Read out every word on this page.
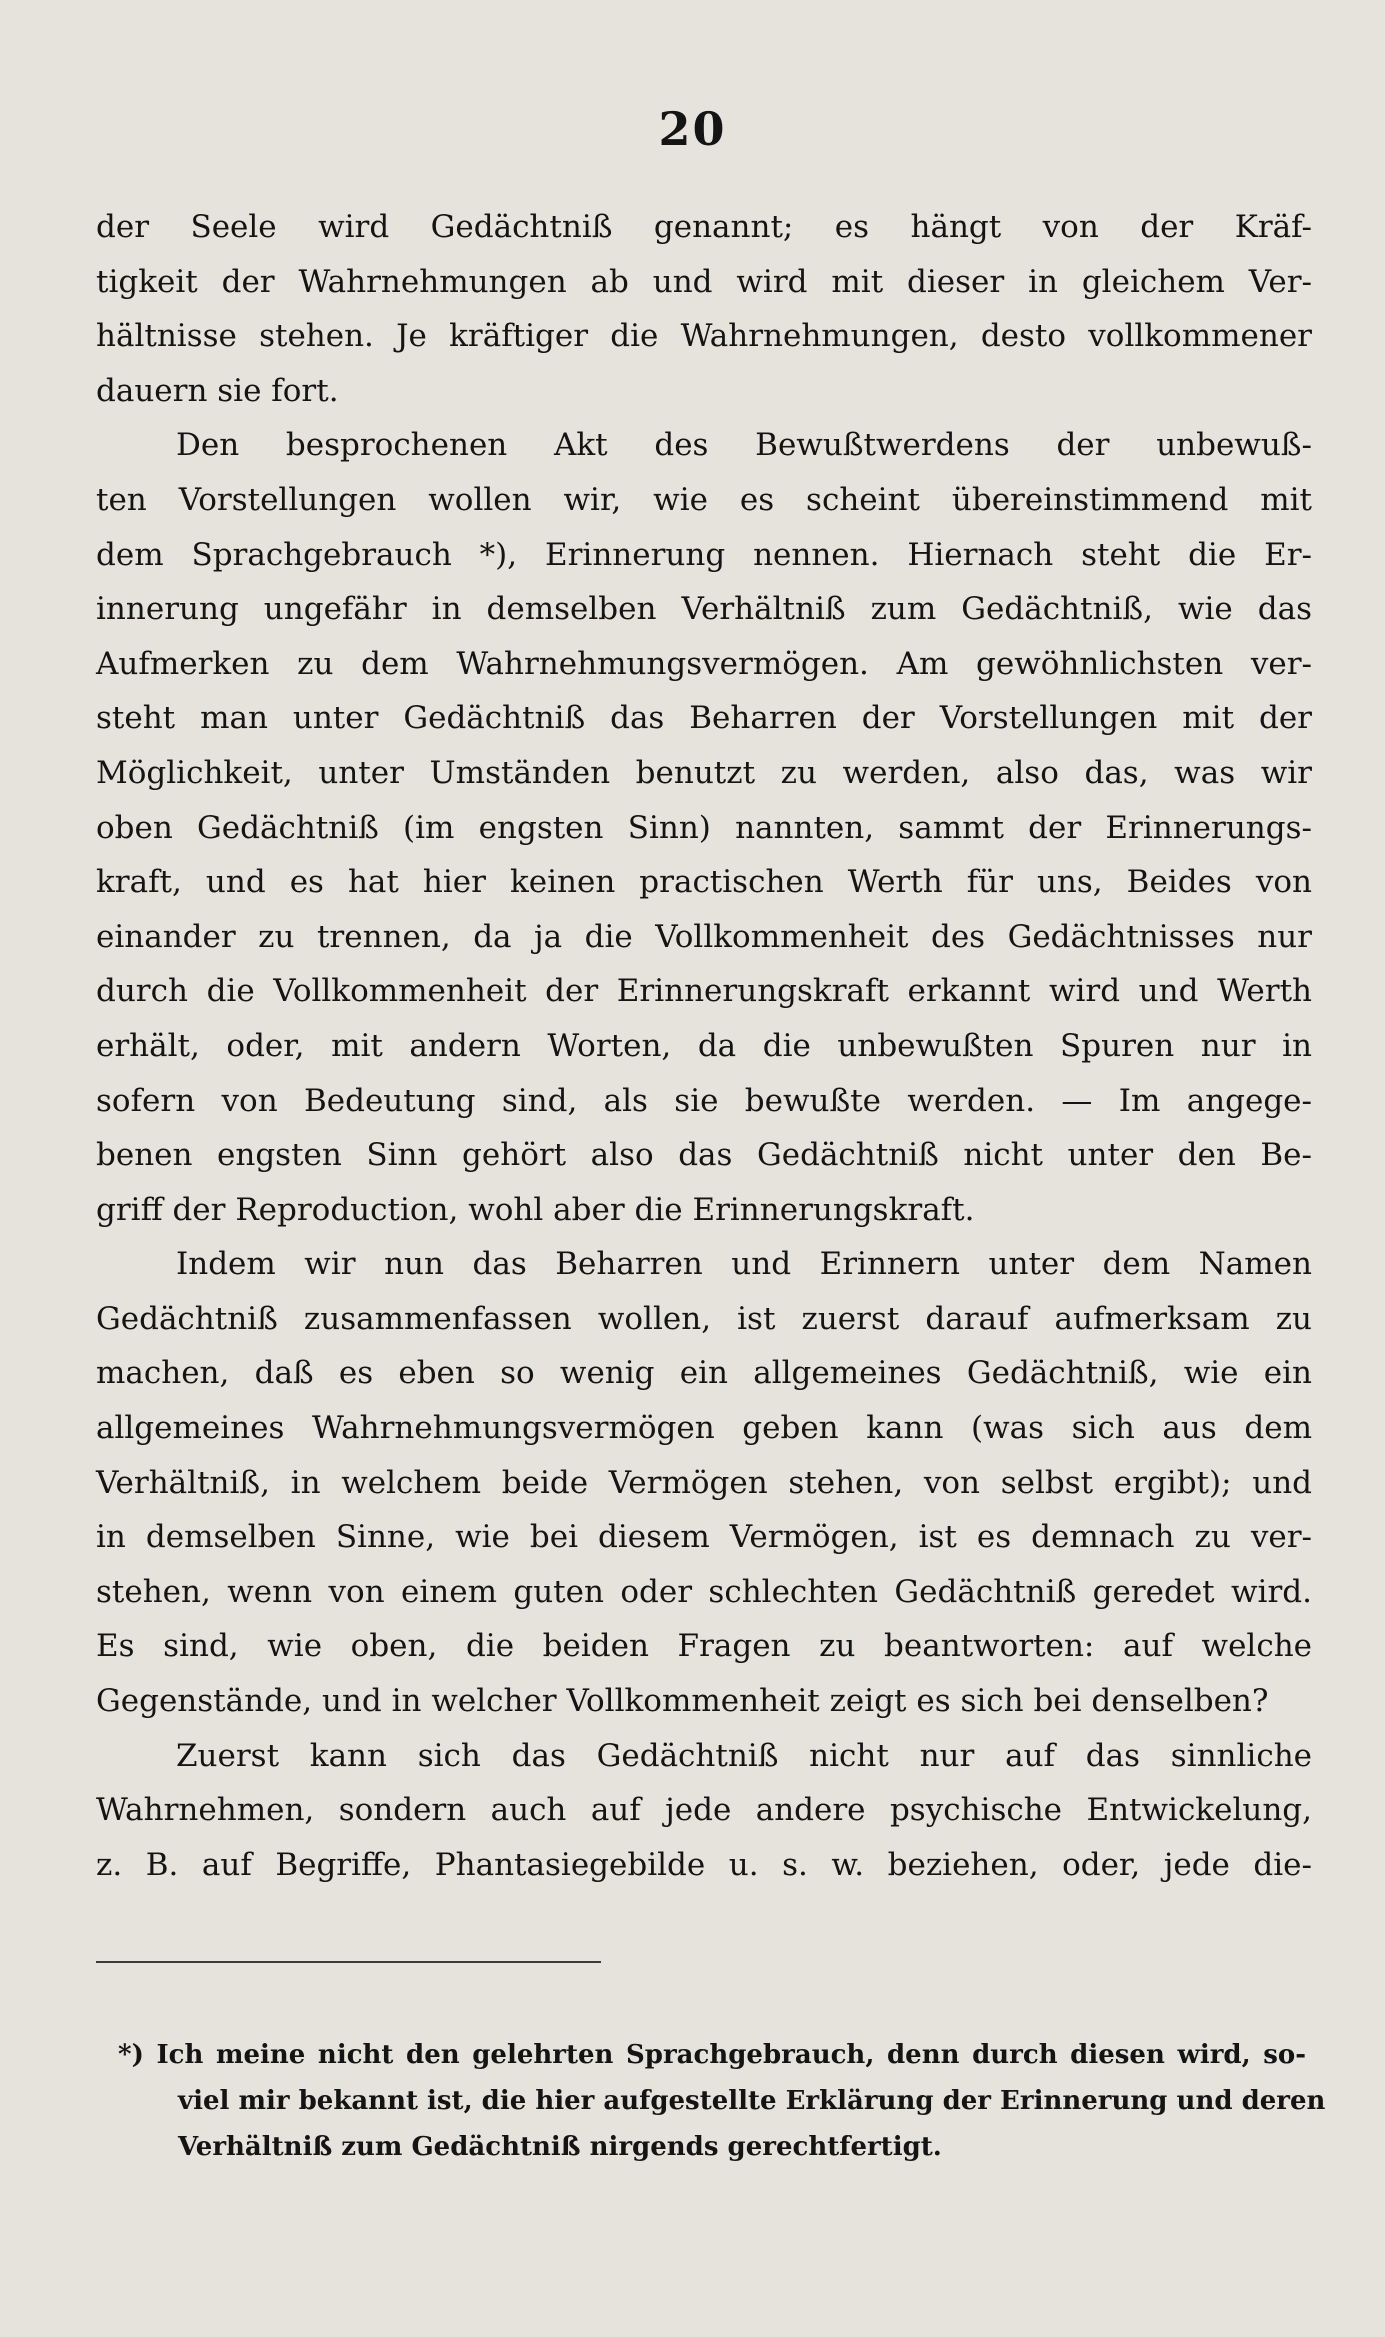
20
der Seele wird Gedächtniß genannt; es hängt von der Kräf-
tigkeit der Wahrnehmungen ab und wird mit dieser in gleichem Ver-
hältnisse stehen. Je kräftiger die Wahrnehmungen, desto vollkommener
dauern sie fort.
Den besprochenen Akt des Bewußtwerdens der unbewuß-
ten Vorstellungen wollen wir, wie es scheint übereinstimmend mit
dem Sprachgebrauch *), Erinnerung nennen. Hiernach steht die Er-
innerung ungefähr in demselben Verhältniß zum Gedächtniß, wie das
Aufmerken zu dem Wahrnehmungsvermögen. Am gewöhnlichsten ver-
steht man unter Gedächtniß das Beharren der Vorstellungen mit der
Möglichkeit, unter Umständen benutzt zu werden, also das, was wir
oben Gedächtniß (im engsten Sinn) nannten, sammt der Erinnerungs-
kraft, und es hat hier keinen practischen Werth für uns, Beides von
einander zu trennen, da ja die Vollkommenheit des Gedächtnisses nur
durch die Vollkommenheit der Erinnerungskraft erkannt wird und Werth
erhält, oder, mit andern Worten, da die unbewußten Spuren nur in
sofern von Bedeutung sind, als sie bewußte werden. — Im angege-
benen engsten Sinn gehört also das Gedächtniß nicht unter den Be-
griff der Reproduction, wohl aber die Erinnerungskraft.
Indem wir nun das Beharren und Erinnern unter dem Namen
Gedächtniß zusammenfassen wollen, ist zuerst darauf aufmerksam zu
machen, daß es eben so wenig ein allgemeines Gedächtniß, wie ein
allgemeines Wahrnehmungsvermögen geben kann (was sich aus dem
Verhältniß, in welchem beide Vermögen stehen, von selbst ergibt); und
in demselben Sinne, wie bei diesem Vermögen, ist es demnach zu ver-
stehen, wenn von einem guten oder schlechten Gedächtniß geredet wird.
Es sind, wie oben, die beiden Fragen zu beantworten: auf welche
Gegenstände, und in welcher Vollkommenheit zeigt es sich bei denselben?
Zuerst kann sich das Gedächtniß nicht nur auf das sinnliche
Wahrnehmen, sondern auch auf jede andere psychische Entwickelung,
z. B. auf Begriffe, Phantasiegebilde u. s. w. beziehen, oder, jede die-
*) Ich meine nicht den gelehrten Sprachgebrauch, denn durch diesen wird, so-
viel mir bekannt ist, die hier aufgestellte Erklärung der Erinnerung und deren
Verhältniß zum Gedächtniß nirgends gerechtfertigt.
